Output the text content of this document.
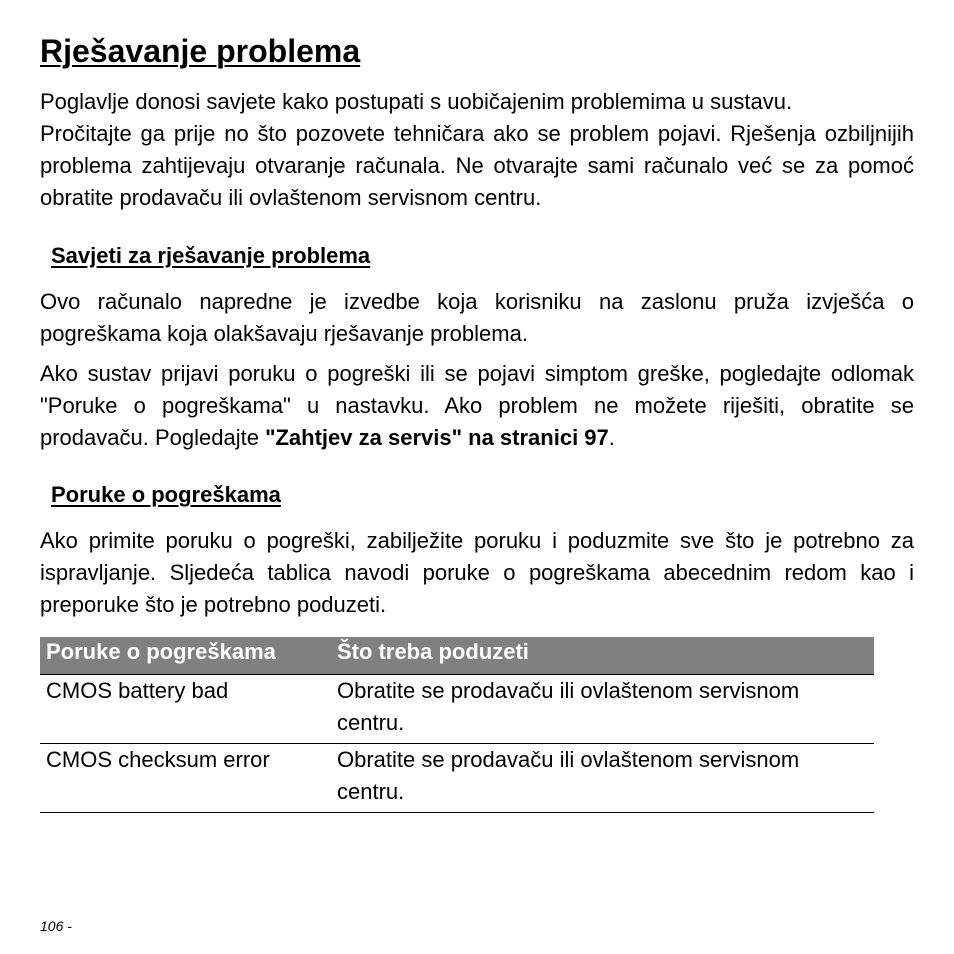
Rješavanje problema

Poglavlje donosi savjete kako postupati s uobičajenim problemima u sustavu.

Pročitajte ga prije no što pozovete tehničara ako se problem pojavi. Rješenja ozbiljnijih problema zahtijevaju otvaranje računala. Ne otvarajte sami računalo već se za pomoć obratite prodavaču ili ovlaštenom servisnom centru.

Savjeti za rješavanje problema

Ovo računalo napredne je izvedbe koja korisniku na zaslonu pruža izvješća o pogreškama koja olakšavaju rješavanje problema.

Ako sustav prijavi poruku o pogreški ili se pojavi simptom greške, pogledajte odlomak "Poruke o pogreškama" u nastavku. Ako problem ne možete riješiti, obratite se prodavaču. Pogledajte "Zahtjev za servis" na stranici 97.

Poruke o pogreškama

Ako primite poruku o pogreški, zabilježite poruku i poduzmite sve što je potrebno za ispravljanje. Sljedeća tablica navodi poruke o pogreškama abecednim redom kao i preporuke što je potrebno poduzeti.

Poruke o pogreškama	Što treba poduzeti
CMOS battery bad	Obratite se prodavaču ili ovlaštenom servisnom centru.
CMOS checksum error	Obratite se prodavaču ili ovlaštenom servisnom centru.
106 -
